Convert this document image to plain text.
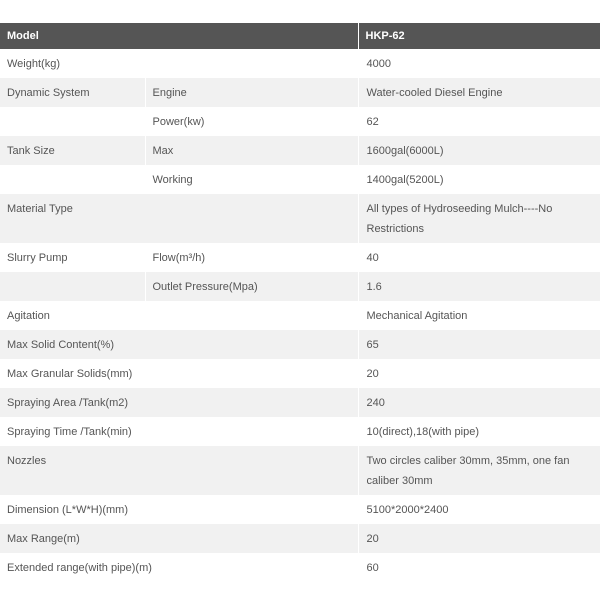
Model		HKP-62
Weight(kg)		4000
Dynamic System	Engine	Water-cooled Diesel Engine
	Power(kw)	62
Tank Size	Max	1600gal(6000L)
	Working	1400gal(5200L)
Material Type		All types of Hydroseeding Mulch----No Restrictions
Slurry Pump	Flow(m³/h)	40
	Outlet Pressure(Mpa)	1.6
Agitation		Mechanical Agitation
Max Solid Content(%)		65
Max Granular Solids(mm)		20
Spraying Area /Tank(m2)		240
Spraying Time /Tank(min)		10(direct),18(with pipe)
Nozzles		Two circles caliber 30mm, 35mm, one fan caliber 30mm
Dimension (L*W*H)(mm)		5100*2000*2400
Max Range(m)		20
Extended range(with pipe)(m)		60
